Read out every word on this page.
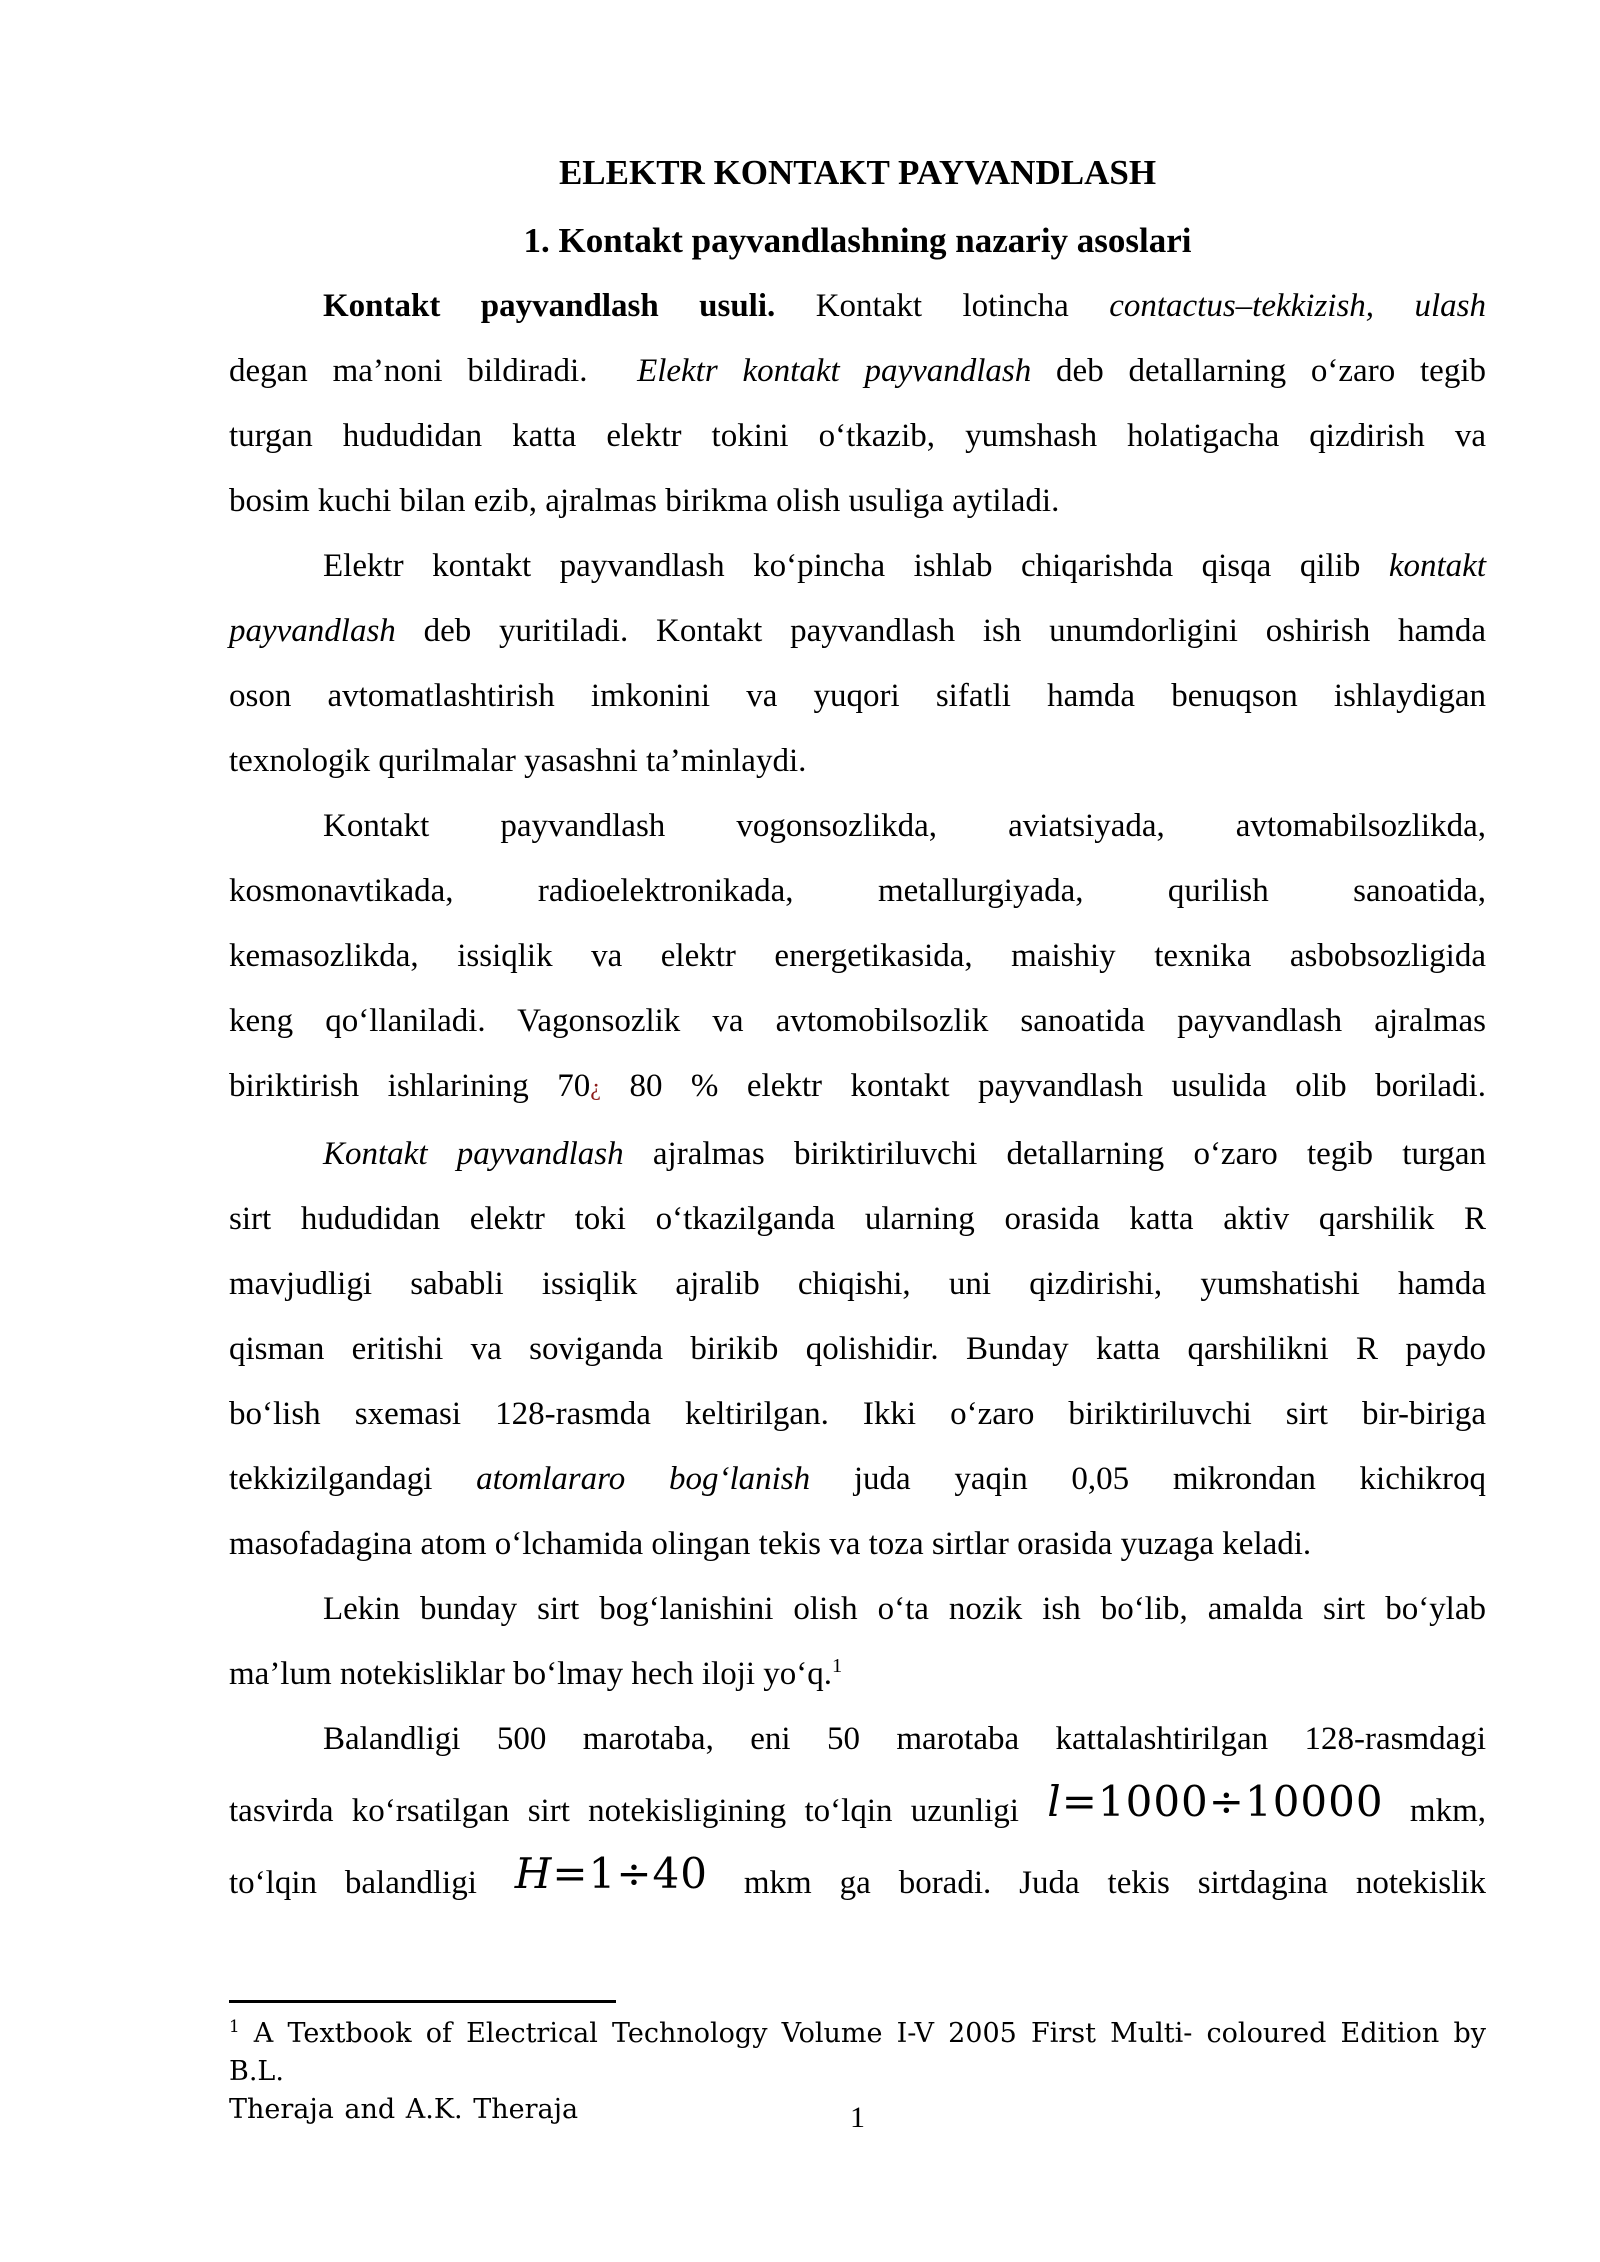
ELEKTR KONTAKT PAYVANDLASH
1. Kontakt payvandlashning nazariy asoslari
Kontakt payvandlash usuli. Kontakt lotincha contactus–tekkizish, ulash
degan ma’noni bildiradi.  Elektr kontakt payvandlash deb detallarning o‘zaro tegib
turgan hududidan katta elektr tokini o‘tkazib, yumshash holatigacha qizdirish va
bosim kuchi bilan ezib, ajralmas birikma olish usuliga aytiladi.
Elektr kontakt payvandlash ko‘pincha ishlab chiqarishda qisqa qilib kontakt
payvandlash deb yuritiladi. Kontakt payvandlash ish unumdorligini oshirish hamda
oson avtomatlashtirish imkonini va yuqori sifatli hamda benuqson ishlaydigan
texnologik qurilmalar yasashni ta’minlaydi.
Kontakt payvandlash vogonsozlikda, aviatsiyada, avtomabilsozlikda,
kosmonavtikada, radioelektronikada, metallurgiyada, qurilish sanoatida,
kemasozlikda, issiqlik va elektr energetikasida, maishiy texnika asbobsozligida
keng qo‘llaniladi. Vagonsozlik va avtomobilsozlik sanoatida payvandlash ajralmas
biriktirish ishlarining 70¿ 80 % elektr kontakt payvandlash usulida olib boriladi.
Kontakt payvandlash ajralmas biriktiriluvchi detallarning o‘zaro tegib turgan
sirt hududidan elektr toki o‘tkazilganda ularning orasida katta aktiv qarshilik R
mavjudligi sababli issiqlik ajralib chiqishi, uni qizdirishi, yumshatishi hamda
qisman eritishi va soviganda birikib qolishidir. Bunday katta qarshilikni R paydo
bo‘lish sxemasi 128-rasmda keltirilgan. Ikki o‘zaro biriktiriluvchi sirt bir-biriga
tekkizilgandagi atomlararo bog‘lanish juda yaqin 0,05 mikrondan kichikroq
masofadagina atom o‘lchamida olingan tekis va toza sirtlar orasida yuzaga keladi.
Lekin bunday sirt bog‘lanishini olish o‘ta nozik ish bo‘lib, amalda sirt bo‘ylab
ma’lum notekisliklar bo‘lmay hech iloji yo‘q.$^1$
Balandligi 500 marotaba, eni 50 marotaba kattalashtirilgan 128-rasmdagi
tasvirda ko‘rsatilgan sirt notekisligining to‘lqin uzunligi l=1000÷10000 mkm,
to‘lqin balandligi H=1÷40 mkm ga boradi. Juda tekis sirtdagina notekislik
$^1$ A Textbook of Electrical Technology Volume I-V 2005 First Multi- coloured Edition by B.L.
Theraja and A.K. Theraja	1
